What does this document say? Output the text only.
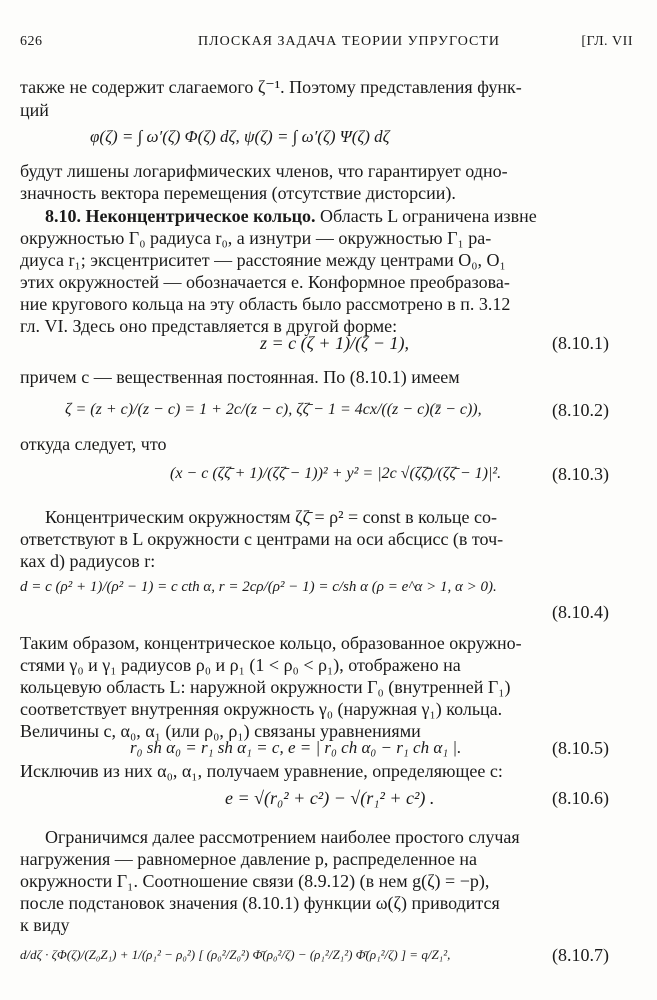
626	ПЛОСКАЯ ЗАДАЧА ТЕОРИИ УПРУГОСТИ	[ГЛ. VII
также не содержит слагаемого ζ⁻¹. Поэтому представления функ-
ций
φ(ζ) = ∫ ω′(ζ) Φ(ζ) dζ, ψ(ζ) = ∫ ω′(ζ) Ψ(ζ) dζ
будут лишены логарифмических членов, что гарантирует одно-
значность вектора перемещения (отсутствие дисторсии).
8.10. Неконцентрическое кольцо. Область L ограничена извне
окружностью Γ₀ радиуса r₀, а изнутри — окружностью Γ₁ ра-
диуса r₁; эксцентриситет — расстояние между центрами O₀, O₁
этих окружностей — обозначается e. Конформное преобразова-
ние кругового кольца на эту область было рассмотрено в п. 3.12
гл. VI. Здесь оно представляется в другой форме:
z = c (ζ + 1)/(ζ − 1),	(8.10.1)
причем c — вещественная постоянная. По (8.10.1) имеем
ζ = (z + c)/(z − c) = 1 + 2c/(z − c), ζζ̄ − 1 = 4cx/((z − c)(z̄ − c)),	(8.10.2)
откуда следует, что
(x − c (ζζ̄ + 1)/(ζζ̄ − 1))² + y² = |2c √(ζζ̄)/(ζζ̄ − 1)|².	(8.10.3)
Концентрическим окружностям ζζ̄ = ρ² = const в кольце со-
ответствуют в L окружности с центрами на оси абсцисс (в точ-
ках d) радиусов r:
d = c (ρ² + 1)/(ρ² − 1) = c cth α, r = 2cρ/(ρ² − 1) = c/sh α (ρ = e^α > 1, α > 0).
(8.10.4)
Таким образом, концентрическое кольцо, образованное окружно-
стями γ₀ и γ₁ радиусов ρ₀ и ρ₁ (1 < ρ₀ < ρ₁), отображено на
кольцевую область L: наружной окружности Γ₀ (внутренней Γ₁)
соответствует внутренняя окружность γ₀ (наружная γ₁) кольца.
Величины c, α₀, α₁ (или ρ₀, ρ₁) связаны уравнениями
r₀ sh α₀ = r₁ sh α₁ = c, e = | r₀ ch α₀ − r₁ ch α₁ |.	(8.10.5)
Исключив из них α₀, α₁, получаем уравнение, определяющее c:
e = √(r₀² + c²) − √(r₁² + c²) .	(8.10.6)
Ограничимся далее рассмотрением наиболее простого случая
нагружения — равномерное давление p, распределенное на
окружности Γ₁. Соотношение связи (8.9.12) (в нем g(ζ) = −p),
после подстановок значения (8.10.1) функции ω(ζ) приводится
к виду
d/dζ · ζΦ(ζ)/(Z₀Z₁) + 1/(ρ₁² − ρ₀²) [ (ρ₀²/Z₀²) Φ̄(ρ₀²/ζ) − (ρ₁²/Z₁²) Φ̄(ρ₁²/ζ) ] = q/Z₁²,	(8.10.7)
